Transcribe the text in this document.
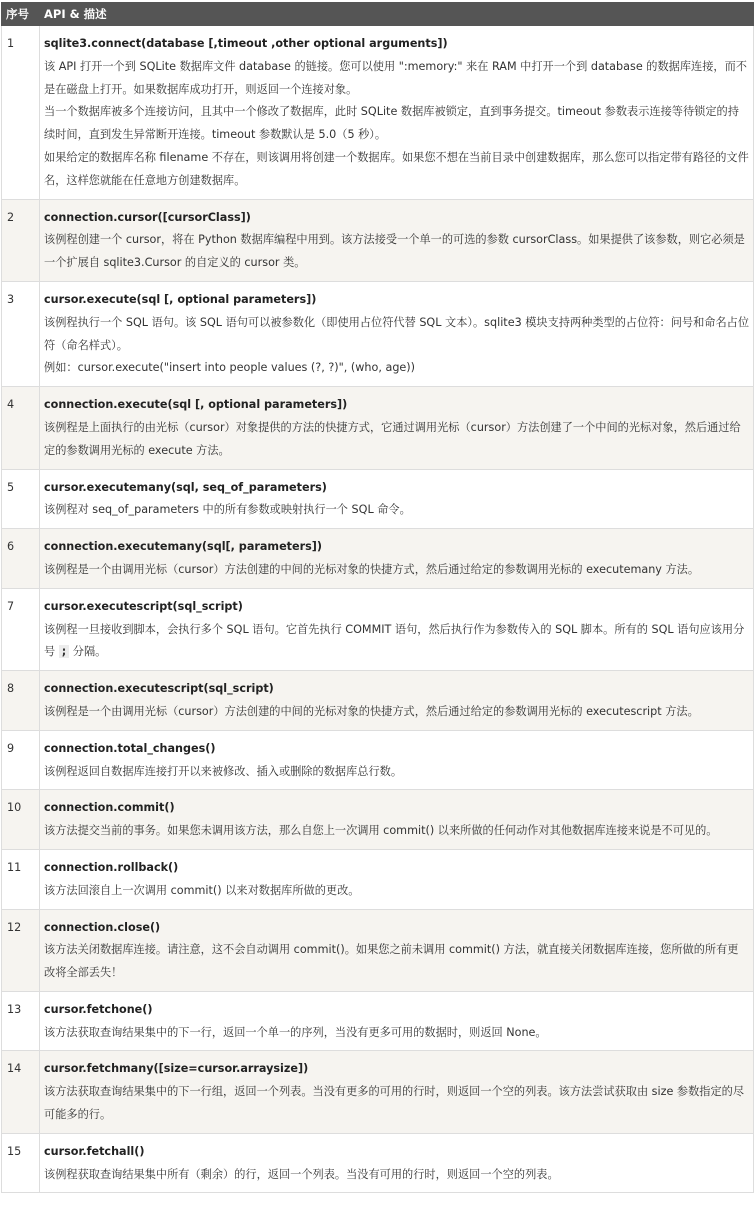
序号	API & 描述
1	sqlite3.connect(database [,timeout ,other optional arguments])
该 API 打开一个到 SQLite 数据库文件 database 的链接。您可以使用 ":memory:" 来在 RAM 中打开一个到 database 的数据库连接，而不是在磁盘上打开。如果数据库成功打开，则返回一个连接对象。
当一个数据库被多个连接访问，且其中一个修改了数据库，此时 SQLite 数据库被锁定，直到事务提交。timeout 参数表示连接等待锁定的持续时间，直到发生异常断开连接。timeout 参数默认是 5.0（5 秒）。
如果给定的数据库名称 filename 不存在，则该调用将创建一个数据库。如果您不想在当前目录中创建数据库，那么您可以指定带有路径的文件名，这样您就能在任意地方创建数据库。

2	connection.cursor([cursorClass])
该例程创建一个 cursor，将在 Python 数据库编程中用到。该方法接受一个单一的可选的参数 cursorClass。如果提供了该参数，则它必须是一个扩展自 sqlite3.Cursor 的自定义的 cursor 类。

3	cursor.execute(sql [, optional parameters])
该例程执行一个 SQL 语句。该 SQL 语句可以被参数化（即使用占位符代替 SQL 文本）。sqlite3 模块支持两种类型的占位符：问号和命名占位符（命名样式）。
例如：cursor.execute("insert into people values (?, ?)", (who, age))

4	connection.execute(sql [, optional parameters])
该例程是上面执行的由光标（cursor）对象提供的方法的快捷方式，它通过调用光标（cursor）方法创建了一个中间的光标对象，然后通过给定的参数调用光标的 execute 方法。

5	cursor.executemany(sql, seq_of_parameters)
该例程对 seq_of_parameters 中的所有参数或映射执行一个 SQL 命令。

6	connection.executemany(sql[, parameters])
该例程是一个由调用光标（cursor）方法创建的中间的光标对象的快捷方式，然后通过给定的参数调用光标的 executemany 方法。

7	cursor.executescript(sql_script)
该例程一旦接收到脚本，会执行多个 SQL 语句。它首先执行 COMMIT 语句，然后执行作为参数传入的 SQL 脚本。所有的 SQL 语句应该用分号 ; 分隔。

8	connection.executescript(sql_script)
该例程是一个由调用光标（cursor）方法创建的中间的光标对象的快捷方式，然后通过给定的参数调用光标的 executescript 方法。

9	connection.total_changes()
该例程返回自数据库连接打开以来被修改、插入或删除的数据库总行数。

10	connection.commit()
该方法提交当前的事务。如果您未调用该方法，那么自您上一次调用 commit() 以来所做的任何动作对其他数据库连接来说是不可见的。

11	connection.rollback()
该方法回滚自上一次调用 commit() 以来对数据库所做的更改。

12	connection.close()
该方法关闭数据库连接。请注意，这不会自动调用 commit()。如果您之前未调用 commit() 方法，就直接关闭数据库连接，您所做的所有更改将全部丢失！

13	cursor.fetchone()
该方法获取查询结果集中的下一行，返回一个单一的序列，当没有更多可用的数据时，则返回 None。

14	cursor.fetchmany([size=cursor.arraysize])
该方法获取查询结果集中的下一行组，返回一个列表。当没有更多的可用的行时，则返回一个空的列表。该方法尝试获取由 size 参数指定的尽可能多的行。

15	cursor.fetchall()
该例程获取查询结果集中所有（剩余）的行，返回一个列表。当没有可用的行时，则返回一个空的列表。
